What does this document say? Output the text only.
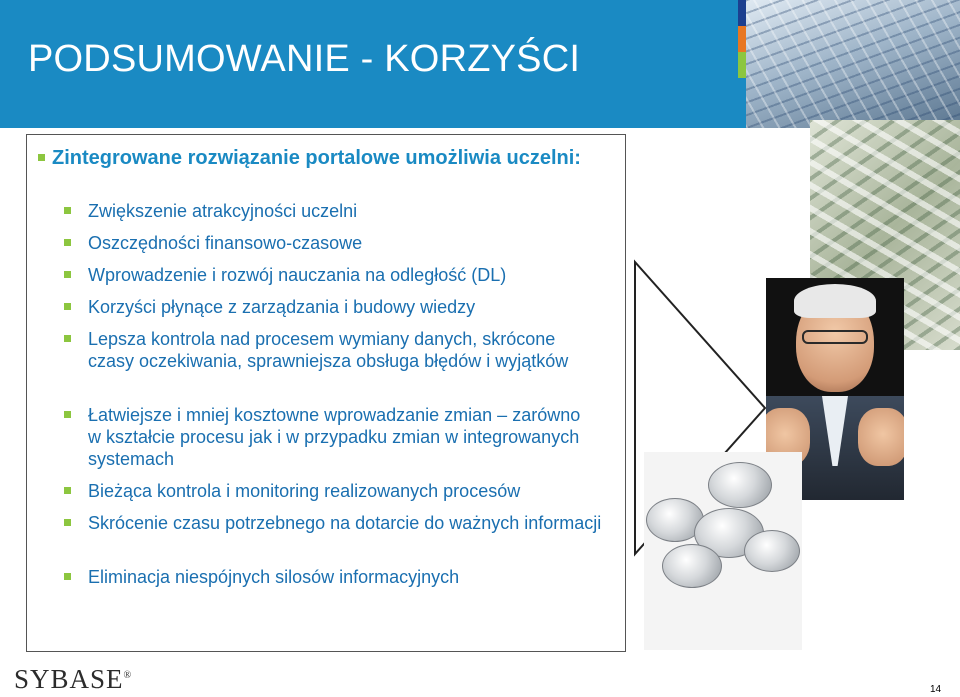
PODSUMOWANIE - KORZYŚCI
Zintegrowane rozwiązanie portalowe umożliwia uczelni:
Zwiększenie atrakcyjności uczelni
Oszczędności finansowo-czasowe
Wprowadzenie i rozwój nauczania na odległość (DL)
Korzyści płynące z zarządzania i budowy wiedzy
Lepsza kontrola nad procesem wymiany danych, skrócone czasy oczekiwania, sprawniejsza obsługa błędów i wyjątków
Łatwiejsze i mniej kosztowne wprowadzanie zmian – zarówno w kształcie procesu jak i w przypadku zmian w integrowanych systemach
Bieżąca kontrola i monitoring realizowanych procesów
Skrócenie czasu potrzebnego na dotarcie do ważnych informacji
Eliminacja niespójnych silosów informacyjnych
SYBASE®
14
